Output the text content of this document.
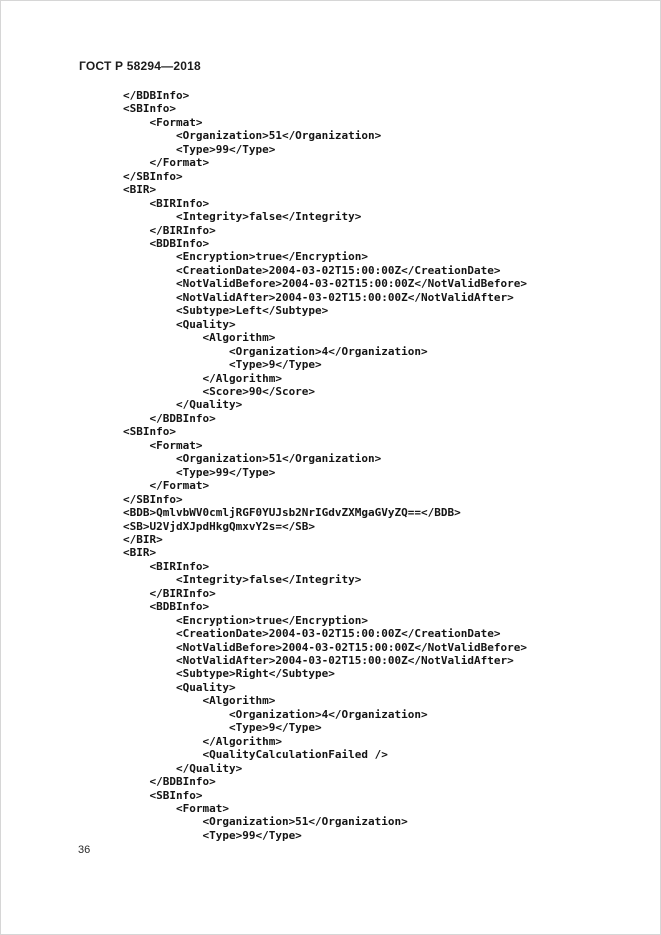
ГОСТ Р 58294—2018
</BDBInfo>
<SBInfo>
<Format>
<Organization>51</Organization>
<Type>99</Type>
</Format>
</SBInfo>
<BIR>
<BIRInfo>
<Integrity>false</Integrity>
</BIRInfo>
<BDBInfo>
<Encryption>true</Encryption>
<CreationDate>2004-03-02T15:00:00Z</CreationDate>
<NotValidBefore>2004-03-02T15:00:00Z</NotValidBefore>
<NotValidAfter>2004-03-02T15:00:00Z</NotValidAfter>
<Subtype>Left</Subtype>
<Quality>
<Algorithm>
<Organization>4</Organization>
<Type>9</Type>
</Algorithm>
<Score>90</Score>
</Quality>
</BDBInfo>
<SBInfo>
<Format>
<Organization>51</Organization>
<Type>99</Type>
</Format>
</SBInfo>
<BDB>QmlvbWV0cmljRGF0YUJsb2NrIGdvZXMgaGVyZQ==</BDB>
<SB>U2VjdXJpdHkgQmxvY2s=</SB>
</BIR>
<BIR>
<BIRInfo>
<Integrity>false</Integrity>
</BIRInfo>
<BDBInfo>
<Encryption>true</Encryption>
<CreationDate>2004-03-02T15:00:00Z</CreationDate>
<NotValidBefore>2004-03-02T15:00:00Z</NotValidBefore>
<NotValidAfter>2004-03-02T15:00:00Z</NotValidAfter>
<Subtype>Right</Subtype>
<Quality>
<Algorithm>
<Organization>4</Organization>
<Type>9</Type>
</Algorithm>
<QualityCalculationFailed />
</Quality>
</BDBInfo>
<SBInfo>
<Format>
<Organization>51</Organization>
<Type>99</Type>
36
